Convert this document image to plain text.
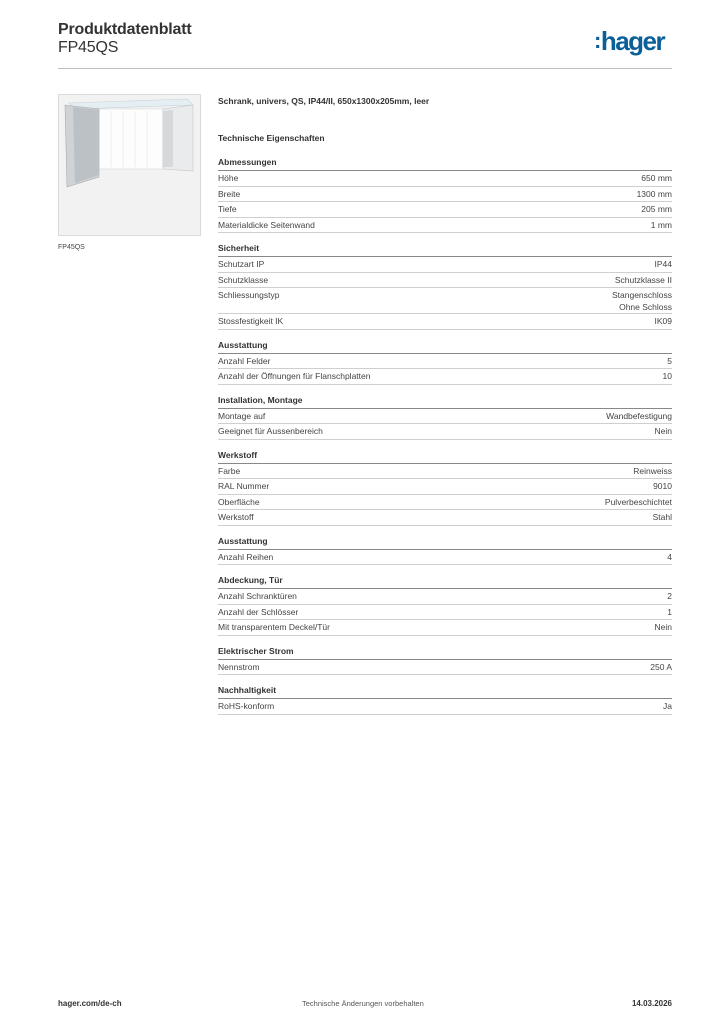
Produktdatenblatt
FP45QS	:hager
FP45QS
Schrank, univers, QS, IP44/II, 650x1300x205mm, leer
Technische Eigenschaften
Abmessungen
Höhe	650 mm
Breite	1300 mm
Tiefe	205 mm
Materialdicke Seitenwand	1 mm
Sicherheit
Schutzart IP	IP44
Schutzklasse	Schutzklasse II
Schliessungstyp	Stangenschloss
Ohne Schloss
Stossfestigkeit IK	IK09
Ausstattung
Anzahl Felder	5
Anzahl der Öffnungen für Flanschplatten	10
Installation, Montage
Montage auf	Wandbefestigung
Geeignet für Aussenbereich	Nein
Werkstoff
Farbe	Reinweiss
RAL Nummer	9010
Oberfläche	Pulverbeschichtet
Werkstoff	Stahl
Ausstattung
Anzahl Reihen	4
Abdeckung, Tür
Anzahl Schranktüren	2
Anzahl der Schlösser	1
Mit transparentem Deckel/Tür	Nein
Elektrischer Strom
Nennstrom	250 A
Nachhaltigkeit
RoHS-konform	Ja
hager.com/de-ch	Technische Änderungen vorbehalten	14.03.2026
